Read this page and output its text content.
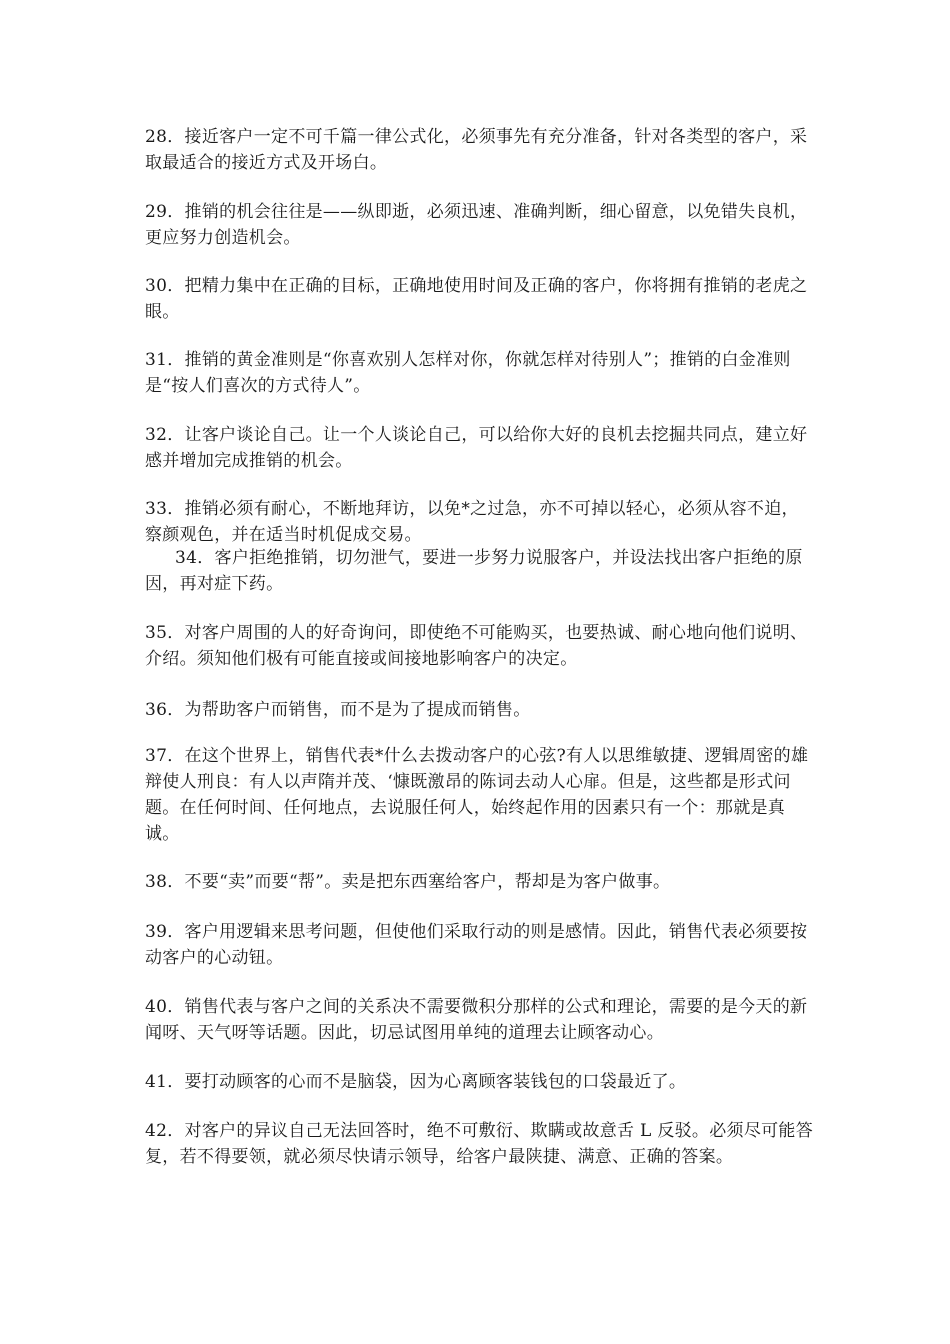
28．接近客户一定不可千篇一律公式化，必须事先有充分准备，针对各类型的客户，采取最适合的接近方式及开场白。

29．推销的机会往往是——纵即逝，必须迅速、准确判断，细心留意，以免错失良机，更应努力创造机会。

30．把精力集中在正确的目标，正确地使用时间及正确的客户，你将拥有推销的老虎之眼。

31．推销的黄金准则是“你喜欢别人怎样对你，你就怎样对待别人”；推销的白金准则是“按人们喜次的方式待人”。

32．让客户谈论自己。让一个人谈论自己，可以给你大好的良机去挖掘共同点，建立好感并增加完成推销的机会。

33．推销必须有耐心，不断地拜访，以免*之过急，亦不可掉以轻心，必须从容不迫，察颜观色，并在适当时机促成交易。

34．客户拒绝推销，切勿泄气，要进一步努力说服客户，并设法找出客户拒绝的原因，再对症下药。

35．对客户周围的人的好奇询问，即使绝不可能购买，也要热诚、耐心地向他们说明、介绍。须知他们极有可能直接或间接地影响客户的决定。

36．为帮助客户而销售，而不是为了提成而销售。

37．在这个世界上，销售代表*什么去拨动客户的心弦?有人以思维敏捷、逻辑周密的雄辩使人刑良：有人以声隋并茂、‘慷既激昂的陈词去动人心扉。但是，这些都是形式问题。在任何时间、任何地点，去说服任何人，始终起作用的因素只有一个：那就是真诚。

38．不要“卖”而要“帮”。卖是把东西塞给客户，帮却是为客户做事。

39．客户用逻辑来思考问题，但使他们采取行动的则是感情。因此，销售代表必须要按动客户的心动钮。

40．销售代表与客户之间的关系决不需要微积分那样的公式和理论，需要的是今天的新闻呀、天气呀等话题。因此，切忌试图用单纯的道理去让顾客动心。

41．要打动顾客的心而不是脑袋，因为心离顾客装钱包的口袋最近了。

42．对客户的异议自己无法回答时，绝不可敷衍、欺瞒或故意舌 L 反驳。必须尽可能答复，若不得要领，就必须尽快请示领导，给客户最陕捷、满意、正确的答案。
